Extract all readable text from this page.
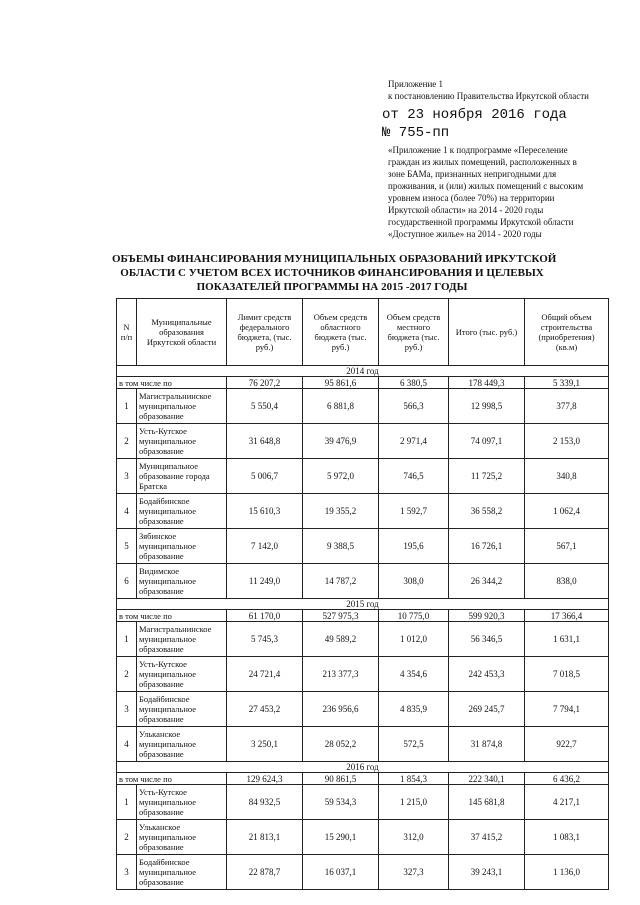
Приложение 1
к постановлению Правительства Иркутской области
от 23 ноября 2016 года
№ 755-пп
«Приложение 1 к подпрограмме «Переселение
граждан из жилых помещений, расположенных в
зоне БАМа, признанных непригодными для
проживания, и (или) жилых помещений с высоким
уровнем износа (более 70%) на территории
Иркутской области» на 2014 - 2020 годы
государственной программы Иркутской области
«Доступное жилье» на 2014 - 2020 годы
ОБЪЕМЫ ФИНАНСИРОВАНИЯ МУНИЦИПАЛЬНЫХ ОБРАЗОВАНИЙ ИРКУТСКОЙ
ОБЛАСТИ С УЧЕТОМ ВСЕХ ИСТОЧНИКОВ ФИНАНСИРОВАНИЯ И ЦЕЛЕВЫХ
ПОКАЗАТЕЛЕЙ ПРОГРАММЫ НА 2015 -2017 ГОДЫ
N п/п	Муниципальные образования Иркутской области	Лимит средств федерального бюджета, (тыс. руб.)	Объем средств областного бюджета (тыс. руб.)	Объем средств местного бюджета (тыс. руб.)	Итого (тыс. руб.)	Общий объем строительства (приобретения) (кв.м)
2014 год						
в том числе по		76 207,2	95 861,6	6 380,5	178 449,3	5 339,1
1	Магистральнинское муниципальное образование	5 550,4	6 881,8	566,3	12 998,5	377,8
2	Усть-Кутское муниципальное образование	31 648,8	39 476,9	2 971,4	74 097,1	2 153,0
3	Муниципальное образование города Братска	5 006,7	5 972,0	746,5	11 725,2	340,8
4	Бодайбинское муниципальное образование	15 610,3	19 355,2	1 592,7	36 558,2	1 062,4
5	Зябинское муниципальное образование	7 142,0	9 388,5	195,6	16 726,1	567,1
6	Видимское муниципальное образование	11 249,0	14 787,2	308,0	26 344,2	838,0
2015 год						
в том числе по		61 170,0	527 975,3	10 775,0	599 920,3	17 366,4
1	Магистральнинское муниципальное образование	5 745,3	49 589,2	1 012,0	56 346,5	1 631,1
2	Усть-Кутское муниципальное образование	24 721,4	213 377,3	4 354,6	242 453,3	7 018,5
3	Бодайбинское муниципальное образование	27 453,2	236 956,6	4 835,9	269 245,7	7 794,1
4	Ульканское муниципальное образование	3 250,1	28 052,2	572,5	31 874,8	922,7
2016 год						
в том числе по		129 624,3	90 861,5	1 854,3	222 340,1	6 436,2
1	Усть-Кутское муниципальное образование	84 932,5	59 534,3	1 215,0	145 681,8	4 217,1
2	Ульканское муниципальное образование	21 813,1	15 290,1	312,0	37 415,2	1 083,1
3	Бодайбинское муниципальное образование	22 878,7	16 037,1	327,3	39 243,1	1 136,0
